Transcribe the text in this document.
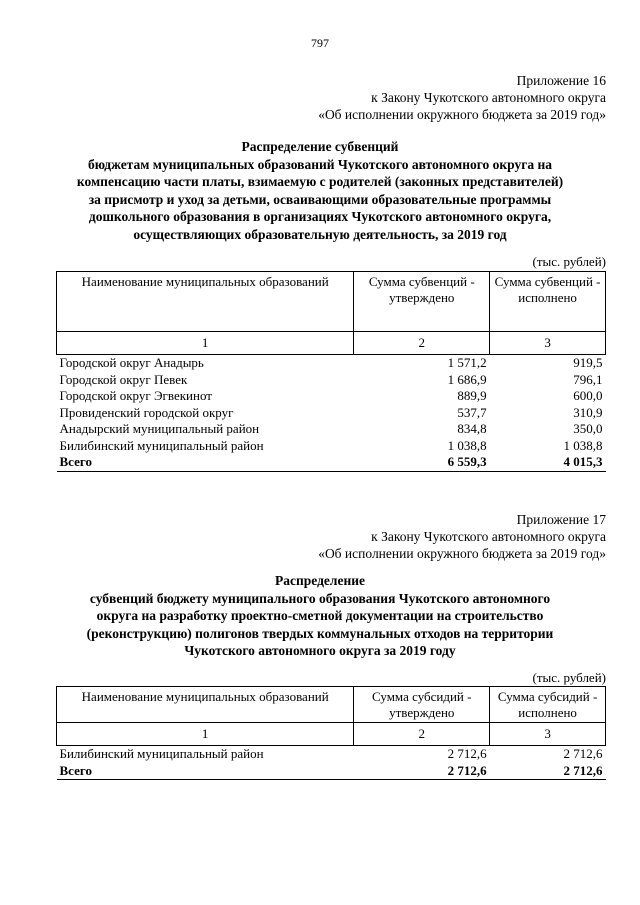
797
Приложение 16
к Закону Чукотского автономного округа
«Об исполнении окружного бюджета за 2019 год»
Распределение субвенций
бюджетам муниципальных образований Чукотского автономного округа на
компенсацию части платы, взимаемую с родителей (законных представителей)
за присмотр и уход за детьми, осваивающими образовательные программы
дошкольного образования в организациях Чукотского автономного округа,
осуществляющих образовательную деятельность, за 2019 год
(тыс. рублей)
Наименование муниципальных образований	Сумма субвенций - утверждено	Сумма субвенций - исполнено
1	2	3
Городской округ Анадырь	1 571,2	919,5
Городской округ Певек	1 686,9	796,1
Городской округ Эгвекинот	889,9	600,0
Провиденский городской округ	537,7	310,9
Анадырский муниципальный район	834,8	350,0
Билибинский муниципальный район	1 038,8	1 038,8
Всего	6 559,3	4 015,3
Приложение 17
к Закону Чукотского автономного округа
«Об исполнении окружного бюджета за 2019 год»
Распределение
субвенций бюджету муниципального образования Чукотского автономного
округа на разработку проектно-сметной документации на строительство
(реконструкцию) полигонов твердых коммунальных отходов на территории
Чукотского автономного округа за 2019 году
(тыс. рублей)
Наименование муниципальных образований	Сумма субсидий - утверждено	Сумма субсидий - исполнено
1	2	3
Билибинский муниципальный район	2 712,6	2 712,6
Всего	2 712,6	2 712,6
